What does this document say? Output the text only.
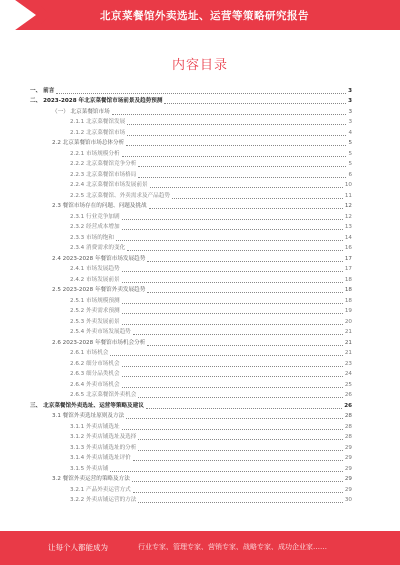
北京菜餐馆外卖选址、运营等策略研究报告
内容目录
一、 前言	3
二、 2023-2028 年北京菜餐馆市场前景及趋势预测	3
（一） 北京菜餐馆市场	3
2.1.1 北京菜餐馆发展	3
2.1.2 北京菜餐馆市场	4
2.2 北京菜餐馆市场总体分析	5
2.2.1 市场规模分析	5
2.2.2 北京菜餐馆竞争分析	5
2.2.3 北京菜餐馆市场格局	6
2.2.4 北京菜餐馆市场发展前景	10
2.2.5 北京菜餐馆、外卖需求及产品趋势	11
2.3 餐馆市场存在的问题、问题及挑战	12
2.3.1 行业竞争加剧	12
2.3.2 经营成本增加	13
2.3.3 市场的饱和	14
2.3.4 消费需求的变化	16
2.4 2023-2028 年餐馆市场发展趋势	17
2.4.1 市场发展趋势	17
2.4.2 市场发展前景	18
2.5 2023-2028 年餐馆外卖发展趋势	18
2.5.1 市场规模预测	18
2.5.2 外卖需求预测	19
2.5.3 外卖发展前景	20
2.5.4 外卖市场发展趋势	21
2.6 2023-2028 年餐馆市场机会分析	21
2.6.1 市场机会	21
2.6.2 细分市场机会	23
2.6.3 细分品类机会	24
2.6.4 外卖市场机会	25
2.6.5 北京菜餐馆外卖机会	26
三、 北京菜餐馆外卖选址、运营等策略及建议	26
3.1 餐馆外卖选址原则及方法	28
3.1.1 外卖店铺选址	28
3.1.2 外卖店铺选址及选择	28
3.1.3 外卖店铺选址的分析	29
3.1.4 外卖店铺选址评价	29
3.1.5 外卖店铺	29
3.2 餐馆外卖运营的策略及方法	29
3.2.1 产品外卖运营方式	29
3.2.2 外卖店铺运营的方法	30
让每个人都能成为	行业专家、管理专家、营销专家、战略专家、成功企业家……
